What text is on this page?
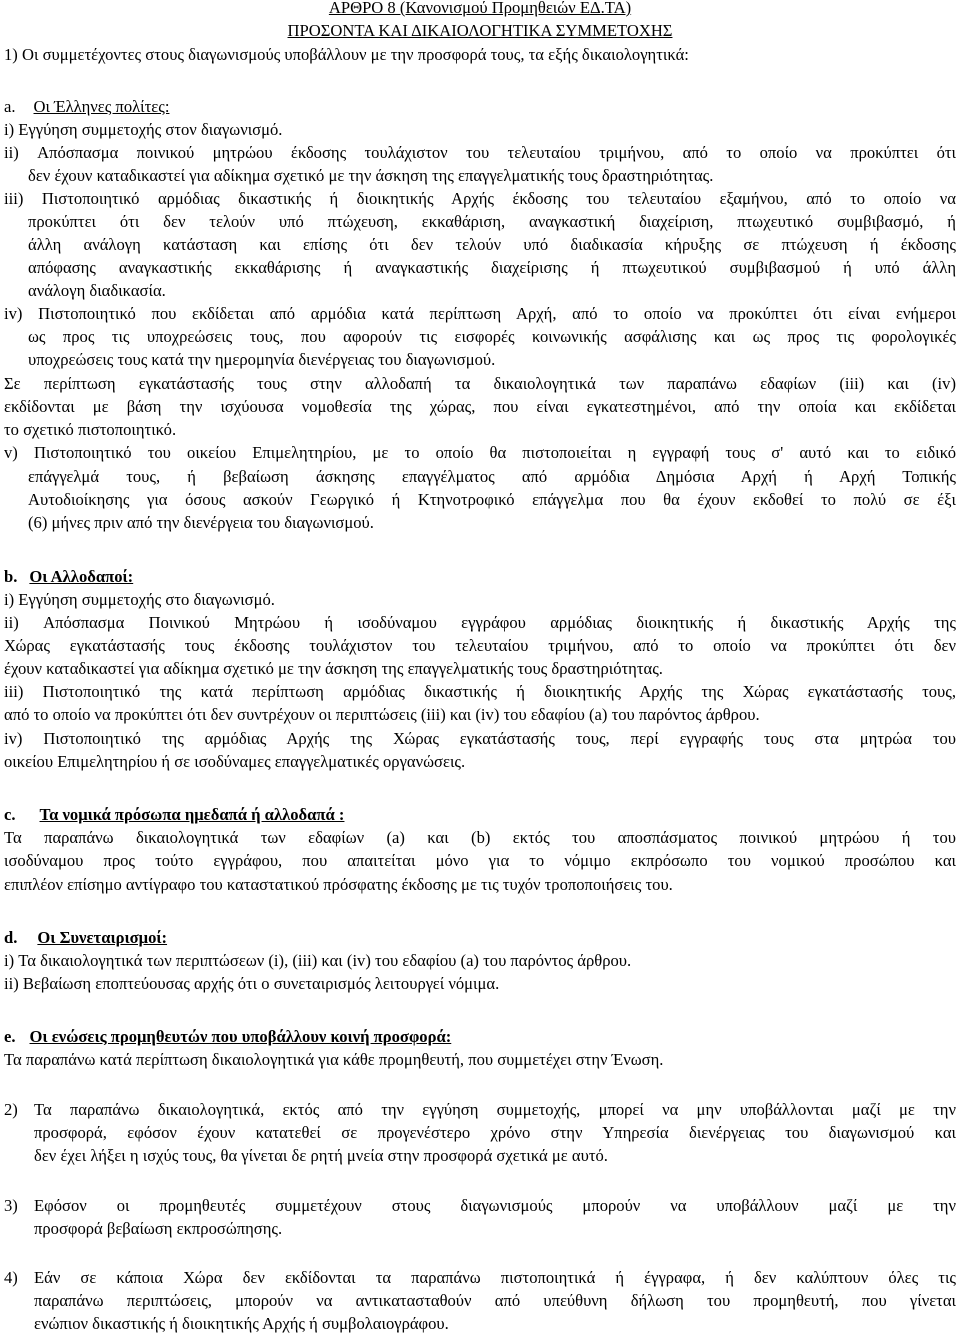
ΑΡΘΡΟ 8 (Κανονισμού Προμηθειών ΕΔ.ΤΑ)
ΠΡΟΣΟΝΤΑ ΚΑΙ ΔΙΚΑΙΟΛΟΓΗΤΙΚΑ ΣΥΜΜΕΤΟΧΗΣ
1) Οι συμμετέχοντες στους διαγωνισμούς υποβάλλουν με την προσφορά τους, τα εξής δικαιολογητικά:
a. Οι Έλληνες πολίτες:
i) Εγγύηση συμμετοχής στον διαγωνισμό.
ii) Απόσπασμα ποινικού μητρώου έκδοσης τουλάχιστον του τελευταίου τριμήνου, από το οποίο να προκύπτει ότι
δεν έχουν καταδικαστεί για αδίκημα σχετικό με την άσκηση της επαγγελματικής τους δραστηριότητας.
iii) Πιστοποιητικό αρμόδιας δικαστικής ή διοικητικής Αρχής έκδοσης του τελευταίου εξαμήνου, από το οποίο να
προκύπτει ότι δεν τελούν υπό πτώχευση, εκκαθάριση, αναγκαστική διαχείριση, πτωχευτικό συμβιβασμό, ή
άλλη ανάλογη κατάσταση και επίσης ότι δεν τελούν υπό διαδικασία κήρυξης σε πτώχευση ή έκδοσης
απόφασης αναγκαστικής εκκαθάρισης ή αναγκαστικής διαχείρισης ή πτωχευτικού συμβιβασμού ή υπό άλλη
ανάλογη διαδικασία.
iv) Πιστοποιητικό που εκδίδεται από αρμόδια κατά περίπτωση Αρχή, από το οποίο να προκύπτει ότι είναι ενήμεροι
ως προς τις υποχρεώσεις τους, που αφορούν τις εισφορές κοινωνικής ασφάλισης και ως προς τις φορολογικές
υποχρεώσεις τους κατά την ημερομηνία διενέργειας του διαγωνισμού.
Σε περίπτωση εγκατάστασής τους στην αλλοδαπή τα δικαιολογητικά των παραπάνω εδαφίων (iii) και (iv)
εκδίδονται με βάση την ισχύουσα νομοθεσία της χώρας, που είναι εγκατεστημένοι, από την οποία και εκδίδεται
το σχετικό πιστοποιητικό.
v) Πιστοποιητικό του οικείου Επιμελητηρίου, με το οποίο θα πιστοποιείται η εγγραφή τους σ' αυτό και το ειδικό
επάγγελμά τους, ή βεβαίωση άσκησης επαγγέλματος από αρμόδια Δημόσια Αρχή ή Αρχή Τοπικής
Αυτοδιοίκησης για όσους ασκούν Γεωργικό ή Κτηνοτροφικό επάγγελμα που θα έχουν εκδοθεί το πολύ σε έξι
(6) μήνες πριν από την διενέργεια του διαγωνισμού.
b. Οι Αλλοδαποί:
i) Εγγύηση συμμετοχής στο διαγωνισμό.
ii) Απόσπασμα Ποινικού Μητρώου ή ισοδύναμου εγγράφου αρμόδιας διοικητικής ή δικαστικής Αρχής της
Χώρας εγκατάστασής τους έκδοσης τουλάχιστον του τελευταίου τριμήνου, από το οποίο να προκύπτει ότι δεν
έχουν καταδικαστεί για αδίκημα σχετικό με την άσκηση της επαγγελματικής τους δραστηριότητας.
iii) Πιστοποιητικό της κατά περίπτωση αρμόδιας δικαστικής ή διοικητικής Αρχής της Χώρας εγκατάστασής τους,
από το οποίο να προκύπτει ότι δεν συντρέχουν οι περιπτώσεις (iii) και (iv) του εδαφίου (a) του παρόντος άρθρου.
iv) Πιστοποιητικό της αρμόδιας Αρχής της Χώρας εγκατάστασής τους, περί εγγραφής τους στα μητρώα του
οικείου Επιμελητηρίου ή σε ισοδύναμες επαγγελματικές οργανώσεις.
c. Τα νομικά πρόσωπα ημεδαπά ή αλλοδαπά :
Τα παραπάνω δικαιολογητικά των εδαφίων (a) και (b) εκτός του αποσπάσματος ποινικού μητρώου ή του
ισοδύναμου προς τούτο εγγράφου, που απαιτείται μόνο για το νόμιμο εκπρόσωπο του νομικού προσώπου και
επιπλέον επίσημο αντίγραφο του καταστατικού πρόσφατης έκδοσης με τις τυχόν τροποποιήσεις του.
d. Οι Συνεταιρισμοί:
i) Τα δικαιολογητικά των περιπτώσεων (i), (iii) και (iv) του εδαφίου (a) του παρόντος άρθρου.
ii) Βεβαίωση εποπτεύουσας αρχής ότι ο συνεταιρισμός λειτουργεί νόμιμα.
e. Οι ενώσεις προμηθευτών που υποβάλλουν κοινή προσφορά:
Τα παραπάνω κατά περίπτωση δικαιολογητικά για κάθε προμηθευτή, που συμμετέχει στην Ένωση.
2) Τα παραπάνω δικαιολογητικά, εκτός από την εγγύηση συμμετοχής, μπορεί να μην υποβάλλονται μαζί με την
προσφορά, εφόσον έχουν κατατεθεί σε προγενέστερο χρόνο στην Υπηρεσία διενέργειας του διαγωνισμού και
δεν έχει λήξει η ισχύς τους, θα γίνεται δε ρητή μνεία στην προσφορά σχετικά με αυτό.
3) Εφόσον οι προμηθευτές συμμετέχουν στους διαγωνισμούς μπορούν να υποβάλλουν μαζί με την
προσφορά βεβαίωση εκπροσώπησης.
4) Εάν σε κάποια Χώρα δεν εκδίδονται τα παραπάνω πιστοποιητικά ή έγγραφα, ή δεν καλύπτουν όλες τις
παραπάνω περιπτώσεις, μπορούν να αντικατασταθούν από υπεύθυνη δήλωση του προμηθευτή, που γίνεται
ενώπιον δικαστικής ή διοικητικής Αρχής ή συμβολαιογράφου.
